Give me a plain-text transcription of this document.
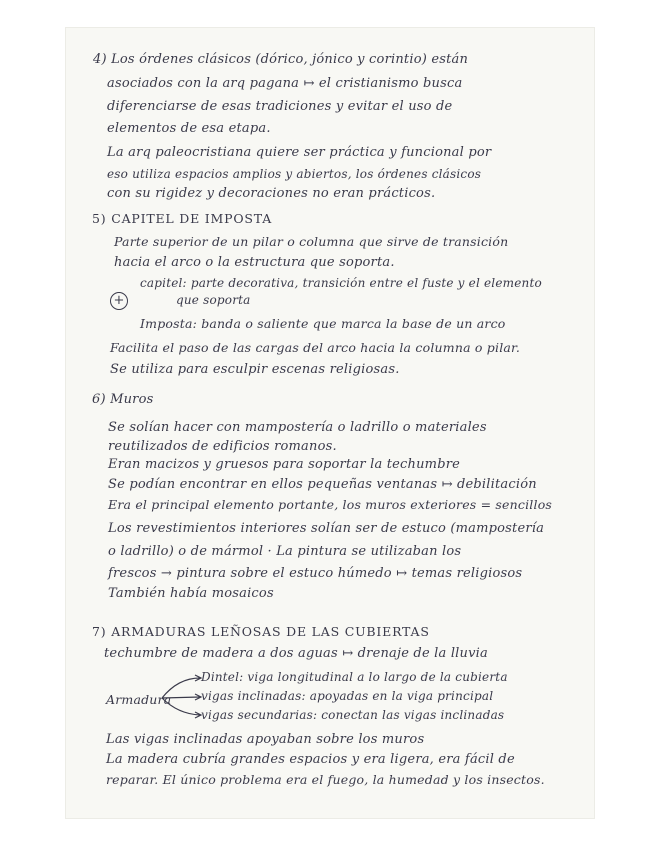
4) Los órdenes clásicos (dórico, jónico y corintio) están
asociados con la arq pagana ↦ el cristianismo busca
diferenciarse de esas tradiciones y evitar el uso de
elementos de esa etapa.
La arq paleocristiana quiere ser práctica y funcional por
eso utiliza espacios amplios y abiertos, los órdenes clásicos
con su rigidez y decoraciones no eran prácticos.
5) CAPITEL DE IMPOSTA
Parte superior de un pilar o columna que sirve de transición
hacia el arco o la estructura que soporta.
capitel: parte decorativa, transición entre el fuste y el elemento
+	que soporta
Imposta: banda o saliente que marca la base de un arco
Facilita el paso de las cargas del arco hacia la columna o pilar.
Se utiliza para esculpir escenas religiosas.
6) Muros
Se solían hacer con mampostería o ladrillo o materiales
reutilizados de edificios romanos.
Eran macizos y gruesos para soportar la techumbre
Se podían encontrar en ellos pequeñas ventanas ↦ debilitación
Era el principal elemento portante, los muros exteriores = sencillos
Los revestimientos interiores solían ser de estuco (mampostería
o ladrillo) o de mármol · La pintura se utilizaban los
frescos → pintura sobre el estuco húmedo ↦ temas religiosos
También había mosaicos
7) ARMADURAS LEÑOSAS DE LAS CUBIERTAS
techumbre de madera a dos aguas ↦ drenaje de la lluvia
Dintel: viga longitudinal a lo largo de la cubierta
vigas inclinadas: apoyadas en la viga principal
vigas secundarias: conectan las vigas inclinadas
Armadura
Las vigas inclinadas apoyaban sobre los muros
La madera cubría grandes espacios y era ligera, era fácil de
reparar. El único problema era el fuego, la humedad y los insectos.
